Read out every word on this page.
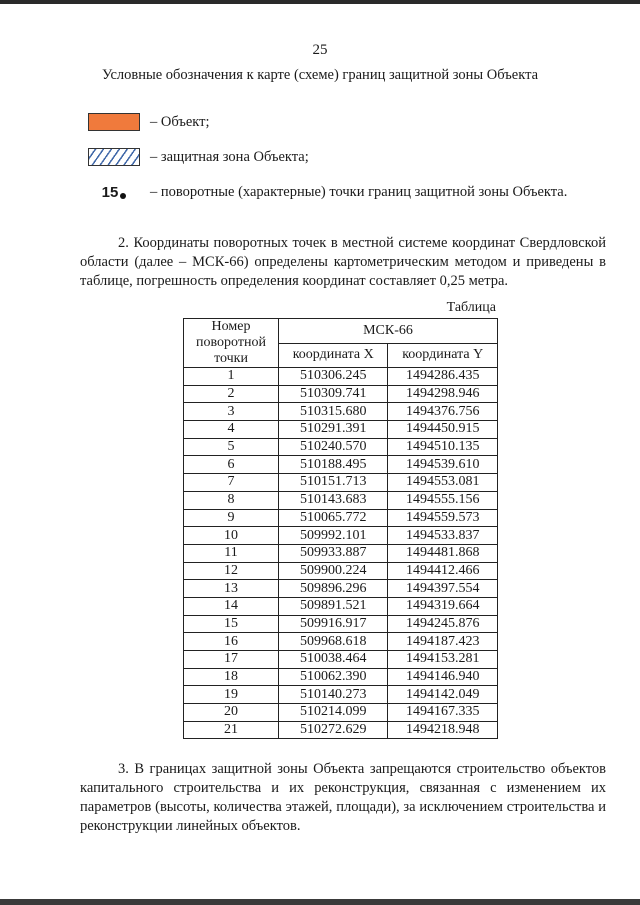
25
Условные обозначения к карте (схеме) границ защитной зоны Объекта
– Объект;
– защитная зона Объекта;
15 – поворотные (характерные) точки границ защитной зоны Объекта.

2. Координаты поворотных точек в местной системе координат Свердловской области (далее – МСК-66) определены картометрическим методом и приведены в таблице, погрешность определения координат составляет 0,25 метра.

Таблица
Номер поворотной точки	МСК-66	
	координата X	координата Y
1	510306.245	1494286.435
2	510309.741	1494298.946
3	510315.680	1494376.756
4	510291.391	1494450.915
5	510240.570	1494510.135
6	510188.495	1494539.610
7	510151.713	1494553.081
8	510143.683	1494555.156
9	510065.772	1494559.573
10	509992.101	1494533.837
11	509933.887	1494481.868
12	509900.224	1494412.466
13	509896.296	1494397.554
14	509891.521	1494319.664
15	509916.917	1494245.876
16	509968.618	1494187.423
17	510038.464	1494153.281
18	510062.390	1494146.940
19	510140.273	1494142.049
20	510214.099	1494167.335
21	510272.629	1494218.948

3. В границах защитной зоны Объекта запрещаются строительство объектов капитального строительства и их реконструкция, связанная с изменением их параметров (высоты, количества этажей, площади), за исключением строительства и реконструкции линейных объектов.
